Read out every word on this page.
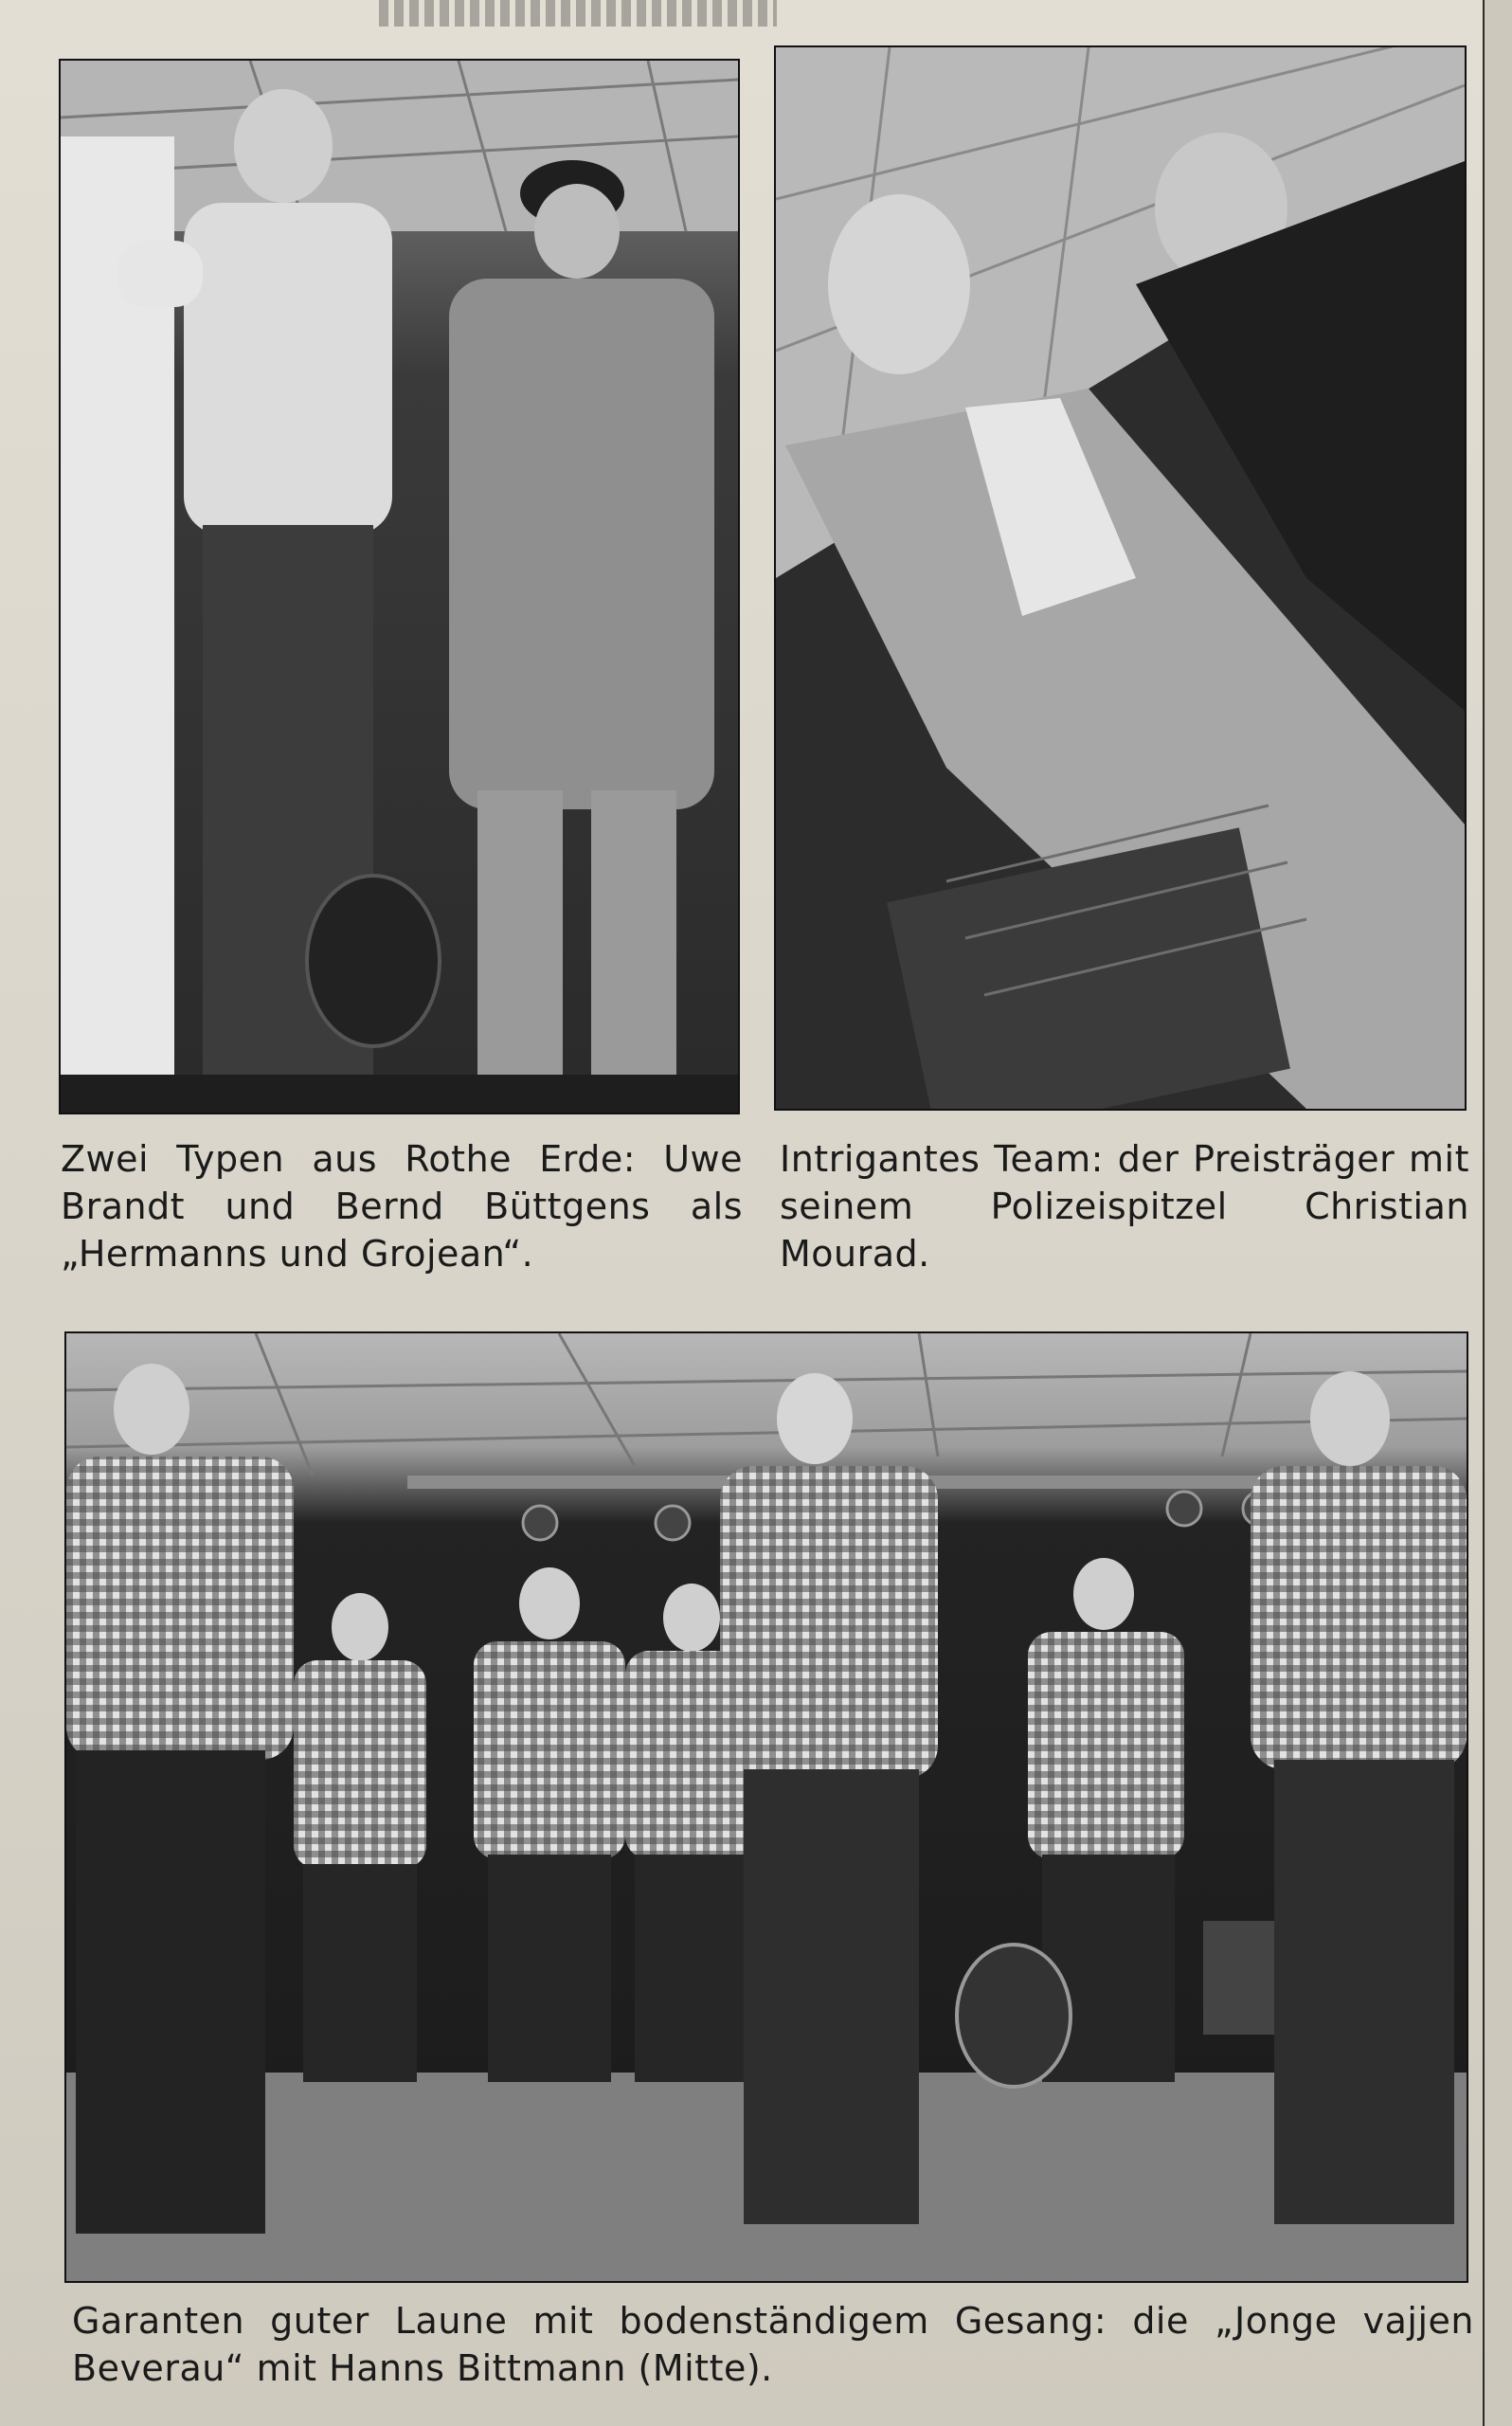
Zwei Typen aus Rothe Erde: Uwe Brandt und Bernd Büttgens als „Hermanns und Grojean“.
Intrigantes Team: der Preisträger mit seinem Polizeispitzel Christian Mourad.
Garanten guter Laune mit bodenständigem Gesang: die „Jonge vajjen Beverau“ mit Hanns Bittmann (Mitte).
